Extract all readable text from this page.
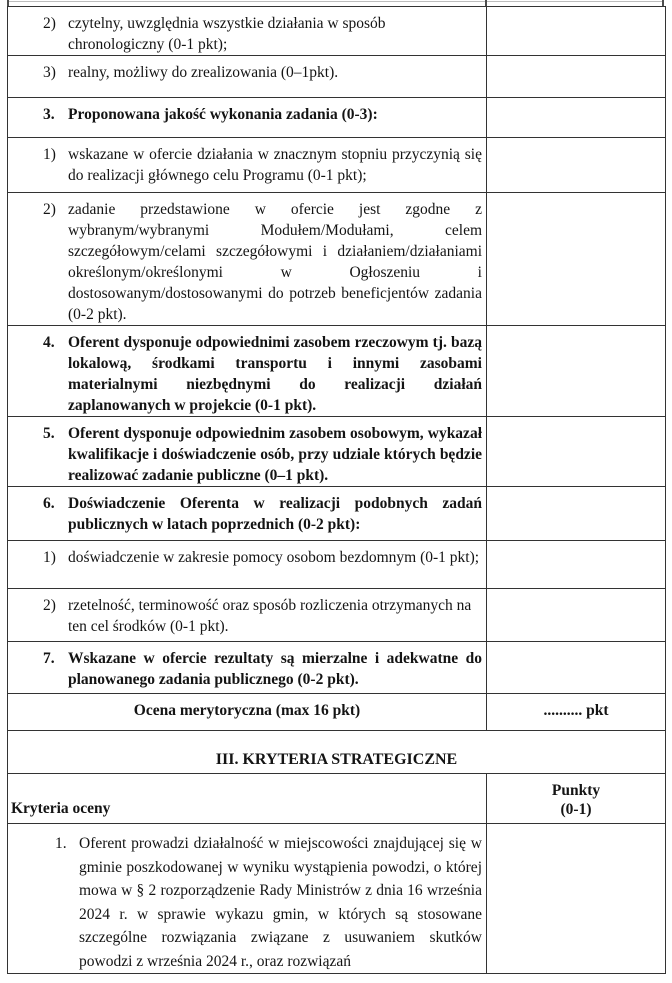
2) czytelny, uwzględnia wszystkie działania w sposób chronologiczny (0-1 pkt);	

3) realny, możliwy do zrealizowania (0–1pkt).	

3. Proponowana jakość wykonania zadania (0-3):	

1) wskazane w ofercie działania w znacznym stopniu przyczynią się do realizacji głównego celu Programu (0-1 pkt);	

2) zadanie przedstawione w ofercie jest zgodne z wybranym/wybranymi Modułem/Modułami, celem szczegółowym/celami szczegółowymi i działaniem/działaniami określonym/określonymi w Ogłoszeniu i dostosowanym/dostosowanymi do potrzeb beneficjentów zadania (0-2 pkt).	

4. Oferent dysponuje odpowiednimi zasobem rzeczowym tj. bazą lokalową, środkami transportu i innymi zasobami materialnymi niezbędnymi do realizacji działań zaplanowanych w projekcie (0-1 pkt).	

5. Oferent dysponuje odpowiednim zasobem osobowym, wykazał kwalifikacje i doświadczenie osób, przy udziale których będzie realizować zadanie publiczne (0–1 pkt).	

6. Doświadczenie Oferenta w realizacji podobnych zadań publicznych w latach poprzednich (0-2 pkt):	

1) doświadczenie w zakresie pomocy osobom bezdomnym (0-1 pkt);	

2) rzetelność, terminowość oraz sposób rozliczenia otrzymanych na ten cel środków (0-1 pkt).	

7. Wskazane w ofercie rezultaty są mierzalne i adekwatne do planowanego zadania publicznego (0-2 pkt).	
Ocena merytoryczna (max 16 pkt)	.......... pkt
III. KRYTERIA STRATEGICZNE	
Kryteria oceny	Punkty
(0-1)

1. Oferent prowadzi działalność w miejscowości znajdującej się w gminie poszkodowanej w wyniku wystąpienia powodzi, o której mowa w § 2 rozporządzenie Rady Ministrów z dnia 16 września 2024 r. w sprawie wykazu gmin, w których są stosowane szczególne rozwiązania związane z usuwaniem skutków powodzi z września 2024 r., oraz rozwiązań	
